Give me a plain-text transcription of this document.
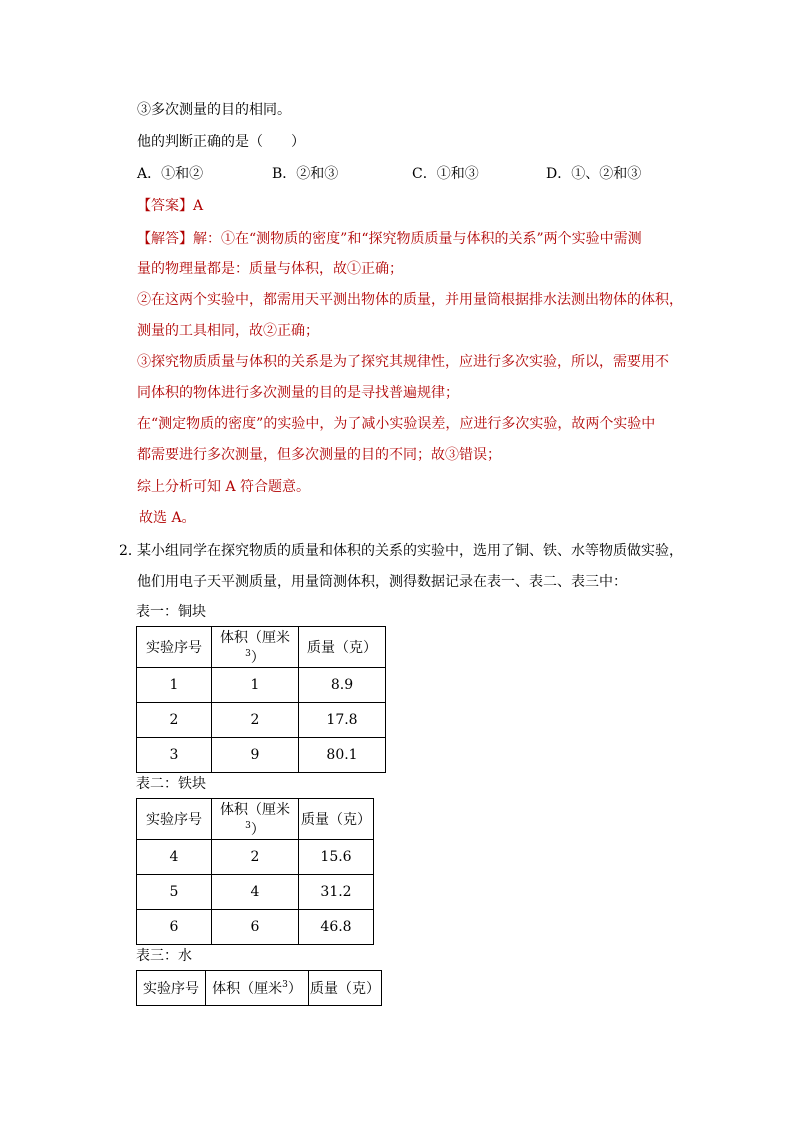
③多次测量的目的相同。
他的判断正确的是（　　）
A．①和②	B．②和③	C．①和③	D．①、②和③
【答案】A
【解答】解：①在“测物质的密度”和“探究物质质量与体积的关系”两个实验中需测
量的物理量都是：质量与体积，故①正确；
②在这两个实验中，都需用天平测出物体的质量，并用量筒根据排水法测出物体的体积，
测量的工具相同，故②正确；
③探究物质质量与体积的关系是为了探究其规律性，应进行多次实验，所以，需要用不
同体积的物体进行多次测量的目的是寻找普遍规律；
在“测定物质的密度”的实验中，为了减小实验误差，应进行多次实验，故两个实验中
都需要进行多次测量，但多次测量的目的不同；故③错误；
综上分析可知 A 符合题意。
故选 A。
2．
某小组同学在探究物质的质量和体积的关系的实验中，选用了铜、铁、水等物质做实验，
他们用电子天平测质量，用量筒测体积，测得数据记录在表一、表二、表三中：
表一：铜块
实验序号	体积（厘米$^3$）	质量（克）
1	1	8.9
2	2	17.8
3	9	80.1
表二：铁块
实验序号	体积（厘米$^3$）	质量（克）
4	2	15.6
5	4	31.2
6	6	46.8
表三：水
实验序号	体积（厘米$^3$）	质量（克）
